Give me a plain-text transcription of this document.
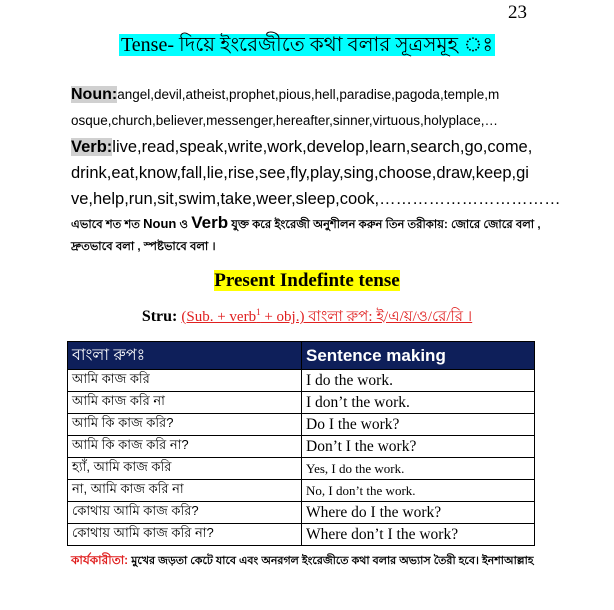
23
Tense- দিয়ে ইংরেজীতে কথা বলার সূত্রসমূহ ঃ
Noun:angel,devil,atheist,prophet,pious,hell,paradise,pagoda,temple,m
osque,church,believer,messenger,hereafter,sinner,virtuous,holyplace,…
Verb:live,read,speak,write,work,develop,learn,search,go,come,
drink,eat,know,fall,lie,rise,see,fly,play,sing,choose,draw,keep,gi
ve,help,run,sit,swim,take,weer,sleep,cook,……………………………
এভাবে শত শত Noun ও Verb যুক্ত করে ইংরেজী অনুশীলন করুন তিন তরীকায়: জোরে জোরে বলা ,
দ্রুতভাবে বলা , স্পষ্টভাবে বলা ।
Present Indefinte tense
Stru: (Sub. + verb$^1$ + obj.) বাংলা রুপ: ই/এ/য়/ও/রে/রি ।
বাংলা রুপঃ	Sentence making
আমি কাজ করি	I do the work.
আমি কাজ করি না	I don’t the work.
আমি কি কাজ করি?	Do I the work?
আমি কি কাজ করি না?	Don’t I the work?
হ্যাঁ, আমি কাজ করি	Yes, I do the work.
না, আমি কাজ করি না	No, I don’t the work.
কোথায় আমি কাজ করি?	Where do I the work?
কোথায় আমি কাজ করি না?	Where don’t I the work?
কার্যকারীতা: মুখের জড়তা কেটে যাবে এবং অনরগল ইংরেজীতে কথা বলার অভ্যাস তৈরী হবে। ইনশাআল্লাহ
